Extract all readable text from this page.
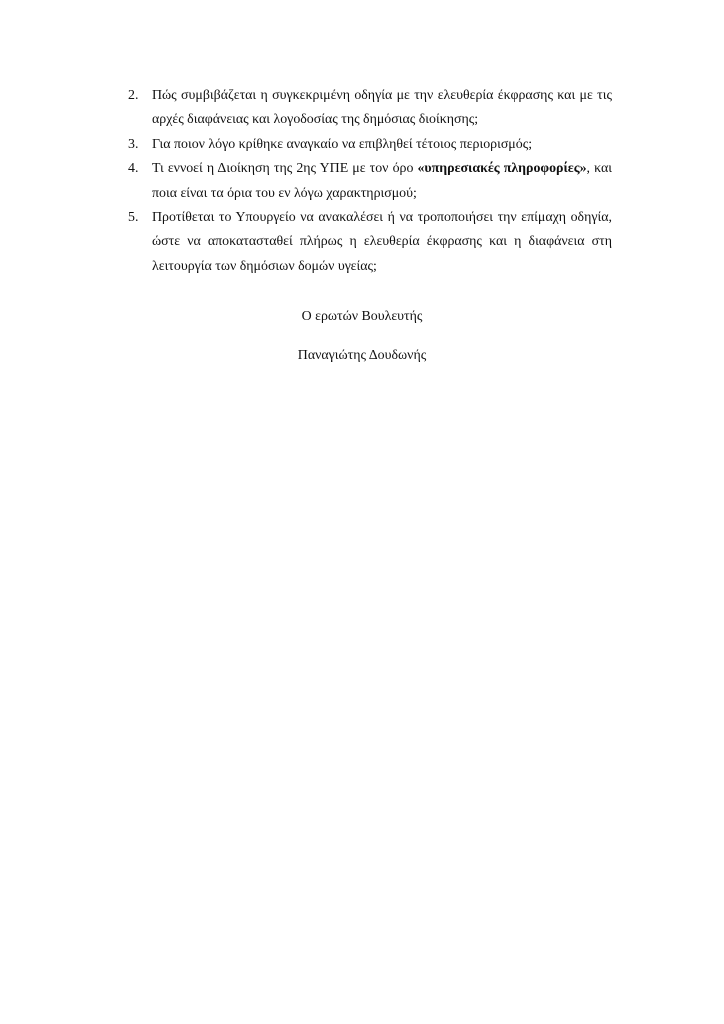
2. Πώς συμβιβάζεται η συγκεκριμένη οδηγία με την ελευθερία έκφρασης και με τις αρχές διαφάνειας και λογοδοσίας της δημόσιας διοίκησης;
3. Για ποιον λόγο κρίθηκε αναγκαίο να επιβληθεί τέτοιος περιορισμός;
4. Τι εννοεί η Διοίκηση της 2ης ΥΠΕ με τον όρο «υπηρεσιακές πληροφορίες», και ποια είναι τα όρια του εν λόγω χαρακτηρισμού;
5. Προτίθεται το Υπουργείο να ανακαλέσει ή να τροποποιήσει την επίμαχη οδηγία, ώστε να αποκατασταθεί πλήρως η ελευθερία έκφρασης και η διαφάνεια στη λειτουργία των δημόσιων δομών υγείας;
Ο ερωτών Βουλευτής
Παναγιώτης Δουδωνής
